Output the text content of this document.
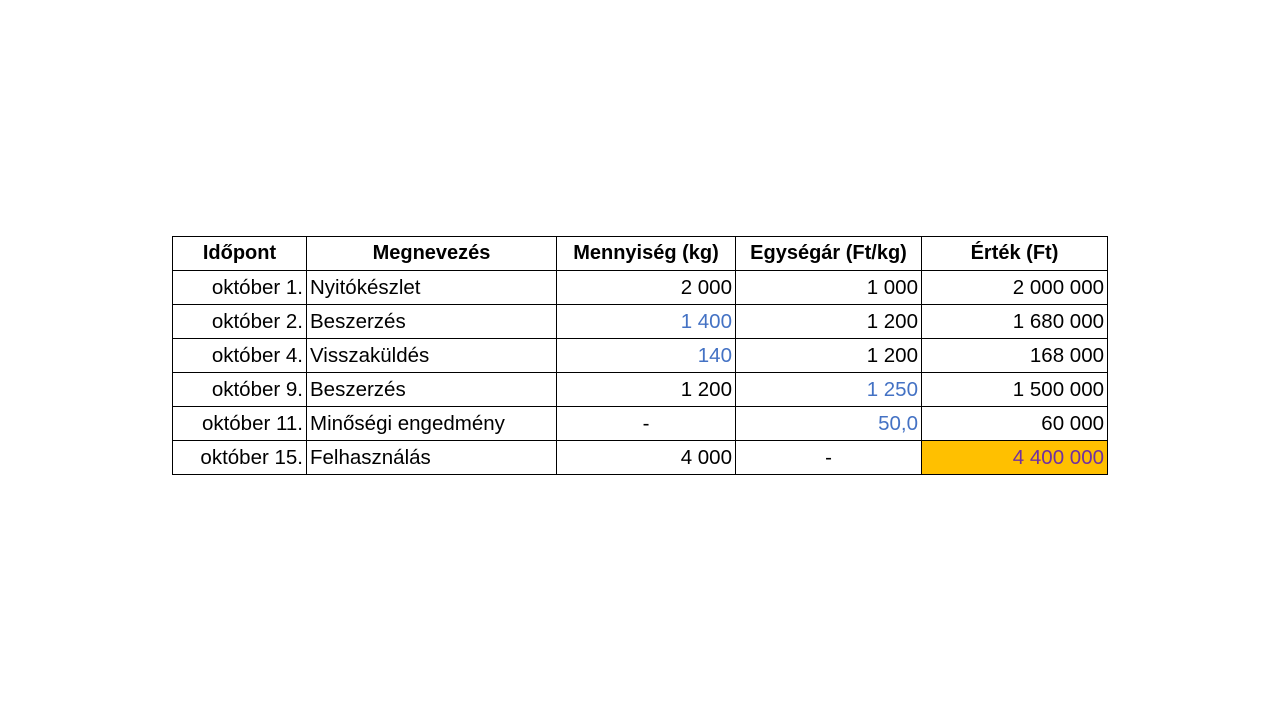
Időpont	Megnevezés	Mennyiség (kg)	Egységár (Ft/kg)	Érték (Ft)
október 1.	Nyitókészlet	2 000	1 000	2 000 000
október 2.	Beszerzés	1 400	1 200	1 680 000
október 4.	Visszaküldés	140	1 200	168 000
október 9.	Beszerzés	1 200	1 250	1 500 000
október 11.	Minőségi engedmény	-	50,0	60 000
október 15.	Felhasználás	4 000	-	4 400 000
